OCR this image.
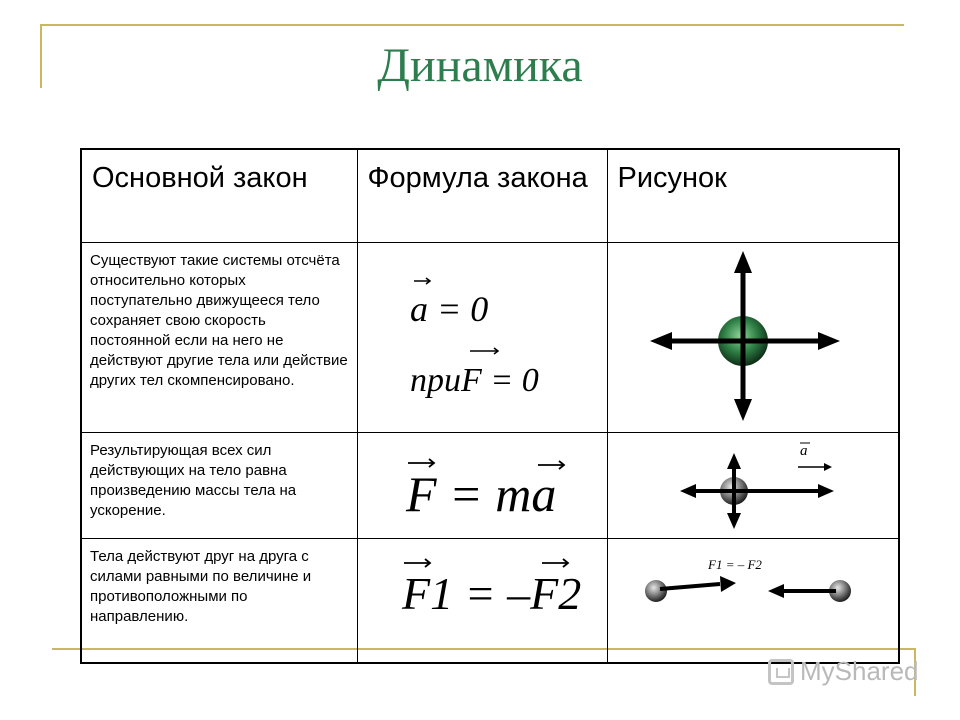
Динамика
Основной закон	Формула закона	Рисунок

Существуют такие системы отсчёта относительно которых поступательно движущееся тело сохраняет свою скорость постоянной если на него не действуют другие тела или действие других тел скомпенсировано.	a = 0
приF = 0

Результирующая всех сил действующих на тело равна произведению массы тела на ускорение.	F = ma	a

Тела действуют друг на друга с силами равными по величине и противоположными по направлению.	F1 = –F2	F1 = – F2
MyShared
